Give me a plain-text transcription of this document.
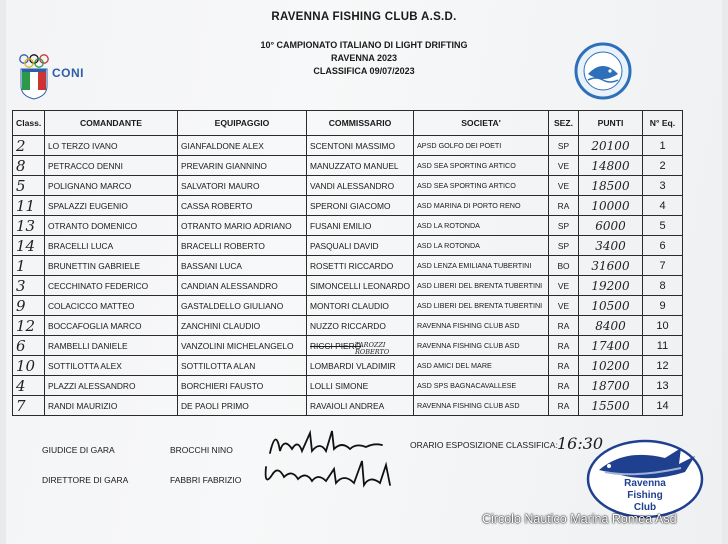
RAVENNA FISHING CLUB A.S.D.
10° CAMPIONATO ITALIANO DI LIGHT DRIFTING
RAVENNA 2023
CLASSIFICA 09/07/2023
CONI
Class.	COMANDANTE	EQUIPAGGIO	COMMISSARIO	SOCIETA'	SEZ.	PUNTI	N° Eq.
2	LO TERZO IVANO	GIANFALDONE ALEX	SCENTONI MASSIMO	APSD GOLFO DEI POETI	SP	20100	1
8	PETRACCO DENNI	PREVARIN GIANNINO	MANUZZATO MANUEL	ASD SEA SPORTING ARTICO	VE	14800	2
5	POLIGNANO MARCO	SALVATORI MAURO	VANDI ALESSANDRO	ASD SEA SPORTING ARTICO	VE	18500	3
11	SPALAZZI EUGENIO	CASSA ROBERTO	SPERONI GIACOMO	ASD MARINA DI PORTO RENO	RA	10000	4
13	OTRANTO DOMENICO	OTRANTO MARIO ADRIANO	FUSANI EMILIO	ASD LA ROTONDA	SP	6000	5
14	BRACELLI LUCA	BRACELLI ROBERTO	PASQUALI DAVID	ASD LA ROTONDA	SP	3400	6
1	BRUNETTIN GABRIELE	BASSANI LUCA	ROSETTI RICCARDO	ASD LENZA EMILIANA TUBERTINI	BO	31600	7
3	CECCHINATO FEDERICO	CANDIAN ALESSANDRO	SIMONCELLI LEONARDO	ASD LIBERI DEL BRENTA TUBERTINI	VE	19200	8
9	COLACICCO MATTEO	GASTALDELLO GIULIANO	MONTORI CLAUDIO	ASD LIBERI DEL BRENTA TUBERTINI	VE	10500	9
12	BOCCAFOGLIA MARCO	ZANCHINI CLAUDIO	NUZZO RICCARDO	RAVENNA FISHING CLUB ASD	RA	8400	10
6	RAMBELLI DANIELE	VANZOLINI MICHELANGELO	RICCI PIERO	RAVENNA FISHING CLUB ASD	RA	17400	11
10	SOTTILOTTA ALEX	SOTTILOTTA ALAN	LOMBARDI VLADIMIR	ASD AMICI DEL MARE	RA	10200	12
4	PLAZZI ALESSANDRO	BORCHIERI FAUSTO	LOLLI SIMONE	ASD SPS BAGNACAVALLESE	RA	18700	13
7	RANDI MAURIZIO	DE PAOLI PRIMO	RAVAIOLI ANDREA	RAVENNA FISHING CLUB ASD	RA	15500	14
TAROZZI ROBERTO
GIUDICE DI GARA	BROCCHI NINO
DIRETTORE DI GARA	FABBRI FABRIZIO
ORARIO ESPOSIZIONE CLASSIFICA: 16:30
Ravenna
Fishing
Club
Circolo Nautico Marina Romea Asd
